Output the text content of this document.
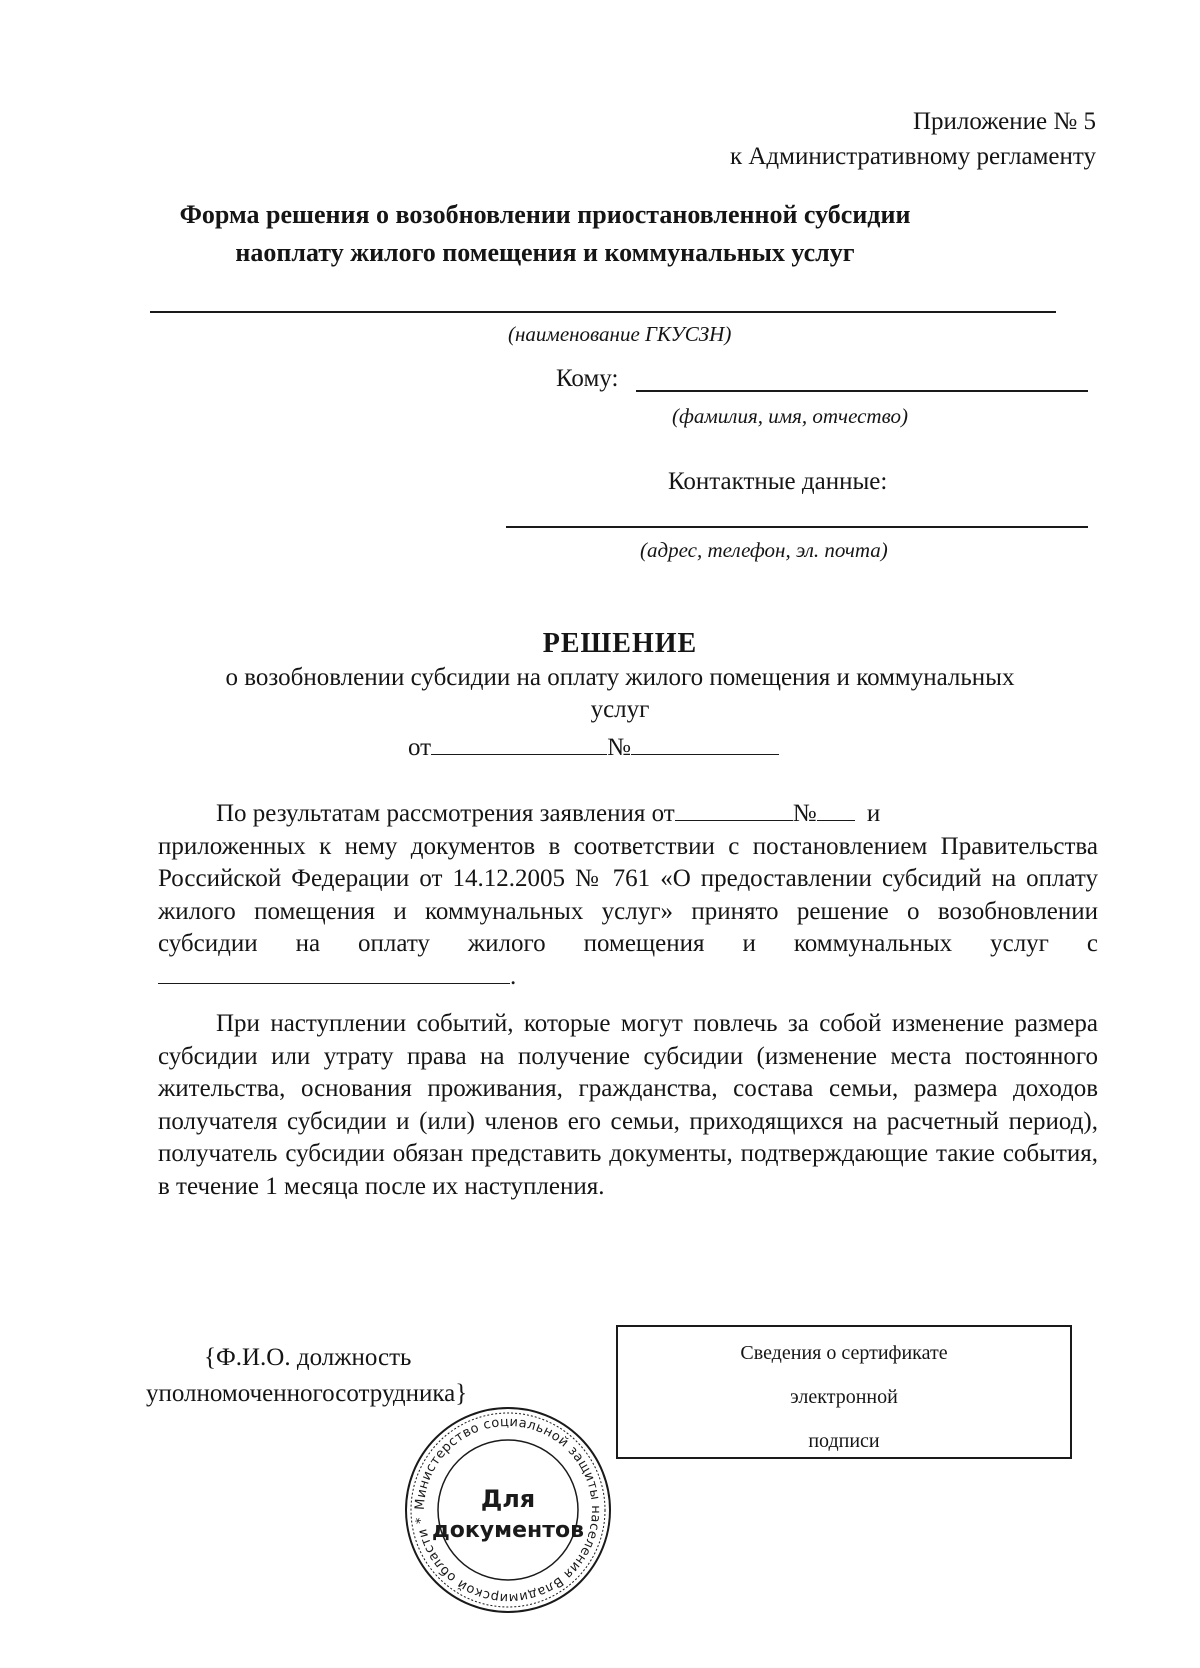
Приложение № 5
к Административному регламенту
Форма решения о возобновлении приостановленной субсидии
наоплату жилого помещения и коммунальных услуг
(наименование ГКУСЗН)
Кому:
(фамилия, имя, отчество)
Контактные данные:
(адрес, телефон, эл. почта)
РЕШЕНИЕ
о возобновлении субсидии на оплату жилого помещения и коммунальных
услуг
от	№
По результатам рассмотрения заявления от	№ и
приложенных к нему документов в соответствии с постановлением Правительства Российской Федерации от 14.12.2005 № 761 «О предоставлении субсидий на оплату жилого помещения и коммунальных услуг» принято решение о возобновлении субсидии на оплату жилого помещения и коммунальных услуг с.
При наступлении событий, которые могут повлечь за собой изменение размера субсидии или утрату права на получение субсидии (изменение места постоянного жительства, основания проживания, гражданства, состава семьи, размера доходов получателя субсидии и (или) членов его семьи, приходящихся на расчетный период), получатель субсидии обязан представить документы, подтверждающие такие события, в течение 1 месяца после их наступления.
{Ф.И.О. должность
уполномоченногосотрудника}
Сведения о сертификате
электронной
подписи
Министерство социальной защиты населения Владимирской области *
Для
документов
